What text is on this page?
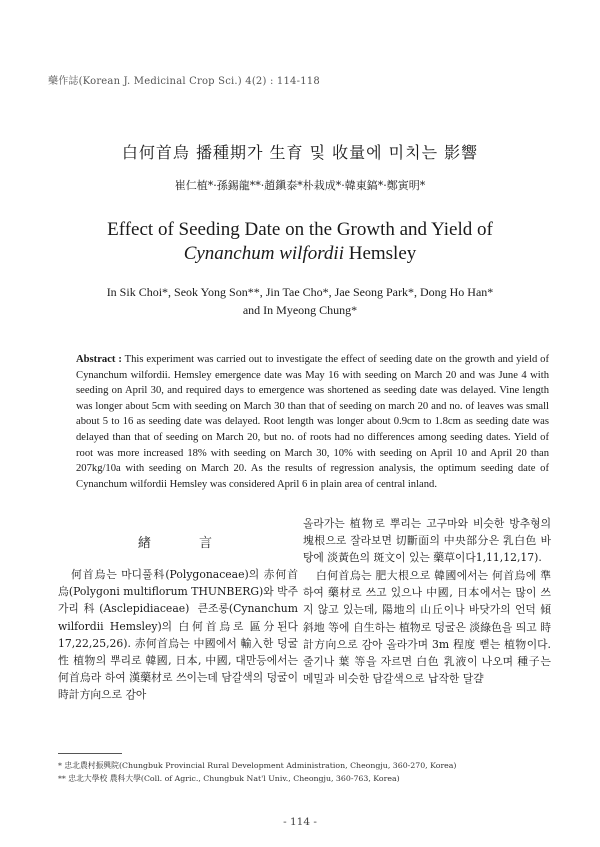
藥作誌(Korean J. Medicinal Crop Sci.) 4(2) : 114-118
白何首烏 播種期가 生育 및 收量에 미치는 影響
崔仁植*·孫錫龍**·趙鎭泰*朴栽成*·韓東鎬*·鄭寅明*
Effect of Seeding Date on the Growth and Yield of
Cynanchum wilfordii Hemsley
In Sik Choi*, Seok Yong Son**, Jin Tae Cho*, Jae Seong Park*, Dong Ho Han*
and In Myeong Chung*
Abstract : This experiment was carried out to investigate the effect of seeding date on the growth and yield of Cynanchum wilfordii. Hemsley emergence date was May 16 with seeding on March 20 and was June 4 with seeding on April 30, and required days to emergence was shortened as seeding date was delayed. Vine length was longer about 5cm with seeding on March 30 than that of seeding on march 20 and no. of leaves was small about 5 to 16 as seeding date was delayed. Root length was longer about 0.9cm to 1.8cm as seeding date was delayed than that of seeding on March 20, but no. of roots had no differences among seeding dates. Yield of root was more increased 18% with seeding on March 30, 10% with seeding on April 10 and April 20 than 207kg/10a with seeding on March 20. As the results of regression analysis, the optimum seeding date of Cynanchum wilfordii Hemsley was considered April 6 in plain area of central inland.
緖 言
何首烏는 마디풀科(Polygonaceae)의 赤何首烏(Polygoni multiflorum THUNBERG)와 박주가리科(Asclepidiaceae) 큰조롱(Cynanchum wilfordii Hemsley)의 白何首烏로 區分된다17,22,25,26). 赤何首烏는 中國에서 輸入한 덩굴性 植物의 뿌리로 韓國, 日本, 中國, 대만등에서는 何首烏라 하여 漢藥材로 쓰이는데 담갈색의 덩굴이 時計方向으로 감아
올라가는 植物로 뿌리는 고구마와 비슷한 방추형의 塊根으로 잘라보면 切斷面의 中央部分은 乳白色 바탕에 淡黃色의 斑文이 있는 藥草이다1,11,12,17).
白何首烏는 肥大根으로 韓國에서는 何首烏에 準하여 藥材로 쓰고 있으나 中國, 日本에서는 많이 쓰지 않고 있는데, 陽地의 山丘이나 바닷가의 언덕 傾斜地 等에 自生하는 植物로 덩굴은 淡綠色을 띄고 時計方向으로 감아 올라가며 3m 程度 뻗는 植物이다. 줄기나 葉 等을 자르면 白色 乳液이 나오며 種子는 메밀과 비슷한 담갈색으로 납작한 달걀
* 忠北農村振興院(Chungbuk Provincial Rural Development Administration, Cheongju, 360-270, Korea)
** 忠北大學校 農科大學(Coll. of Agric., Chungbuk Nat'l Univ., Cheongju, 360-763, Korea)
- 114 -
